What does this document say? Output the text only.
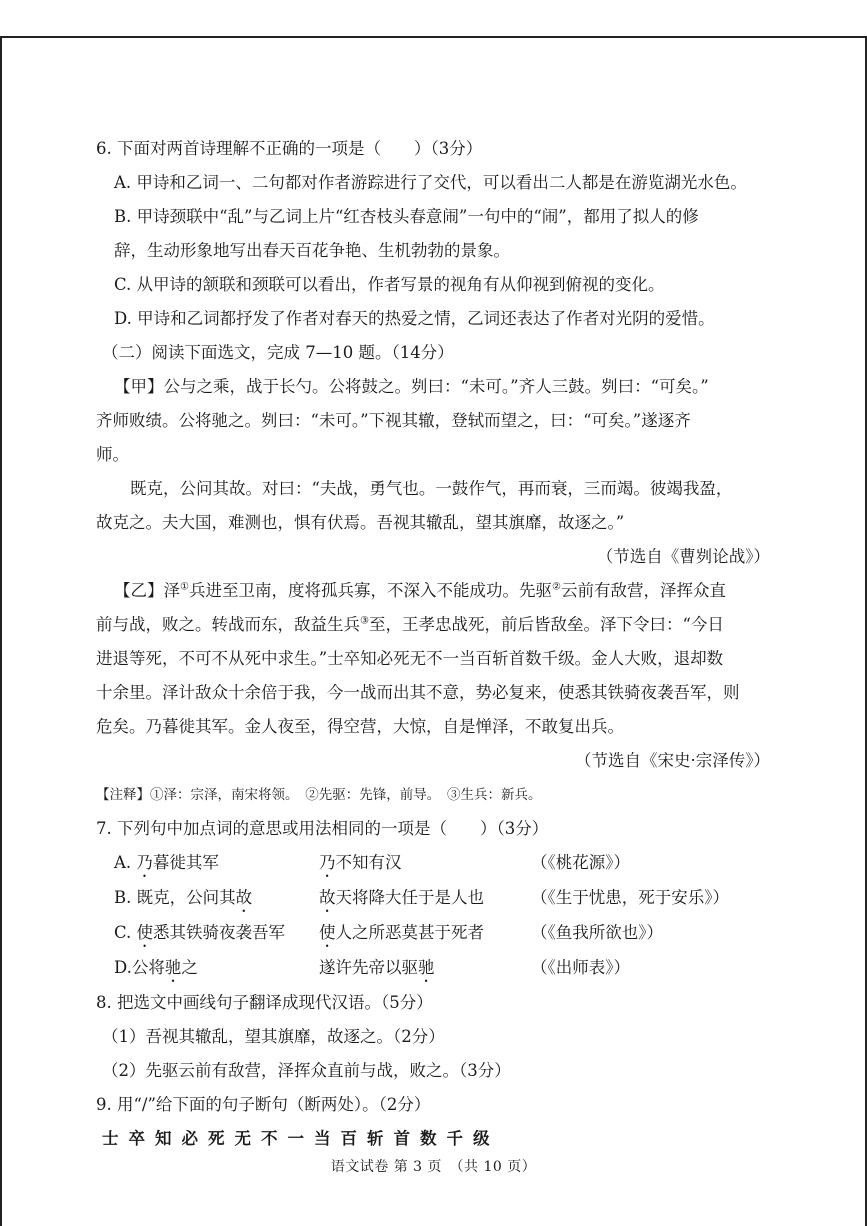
6. 下面对两首诗理解不正确的一项是（　　）（3分）
A. 甲诗和乙词一、二句都对作者游踪进行了交代，可以看出二人都是在游览湖光水色。
B. 甲诗颈联中“乱”与乙词上片“红杏枝头春意闹”一句中的“闹”，都用了拟人的修
辞，生动形象地写出春天百花争艳、生机勃勃的景象。
C. 从甲诗的颔联和颈联可以看出，作者写景的视角有从仰视到俯视的变化。
D. 甲诗和乙词都抒发了作者对春天的热爱之情，乙词还表达了作者对光阴的爱惜。
（二）阅读下面选文，完成 7—10 题。（14分）
【甲】公与之乘，战于长勺。公将鼓之。刿曰：“未可。”齐人三鼓。刿曰：“可矣。”
齐师败绩。公将驰之。刿曰：“未可。”下视其辙，登轼而望之，曰：“可矣。”遂逐齐
师。
既克，公问其故。对曰：“夫战，勇气也。一鼓作气，再而衰，三而竭。彼竭我盈，
故克之。夫大国，难测也，惧有伏焉。吾视其辙乱，望其旗靡，故逐之。”
（节选自《曹刿论战》）
【乙】泽①兵进至卫南，度将孤兵寡，不深入不能成功。先驱②云前有敌营，泽挥众直
前与战，败之。转战而东，敌益生兵③至，王孝忠战死，前后皆敌垒。泽下令曰：“今日
进退等死，不可不从死中求生。”士卒知必死无不一当百斩首数千级。金人大败，退却数
十余里。泽计敌众十余倍于我，今一战而出其不意，势必复来，使悉其铁骑夜袭吾军，则
危矣。乃暮徙其军。金人夜至，得空营，大惊，自是惮泽，不敢复出兵。
（节选自《宋史·宗泽传》）
【注释】①泽：宗泽，南宋将领。　②先驱：先锋，前导。　③生兵：新兵。
7. 下列句中加点词的意思或用法相同的一项是（　　）（3分）
A. 乃暮徙其军	乃不知有汉	（《桃花源》）
B. 既克，公问其故	故天将降大任于是人也	（《生于忧患，死于安乐》）
C. 使悉其铁骑夜袭吾军	使人之所恶莫甚于死者	（《鱼我所欲也》）
D.公将驰之	遂许先帝以驱驰	（《出师表》）
8. 把选文中画线句子翻译成现代汉语。（5分）
（1）吾视其辙乱，望其旗靡，故逐之。（2分）
（2）先驱云前有敌营，泽挥众直前与战，败之。（3分）
9. 用“/”给下面的句子断句（断两处）。（2分）
士卒知必死无不一当百斩首数千级
语文试卷 第 3 页　（共 10 页）
